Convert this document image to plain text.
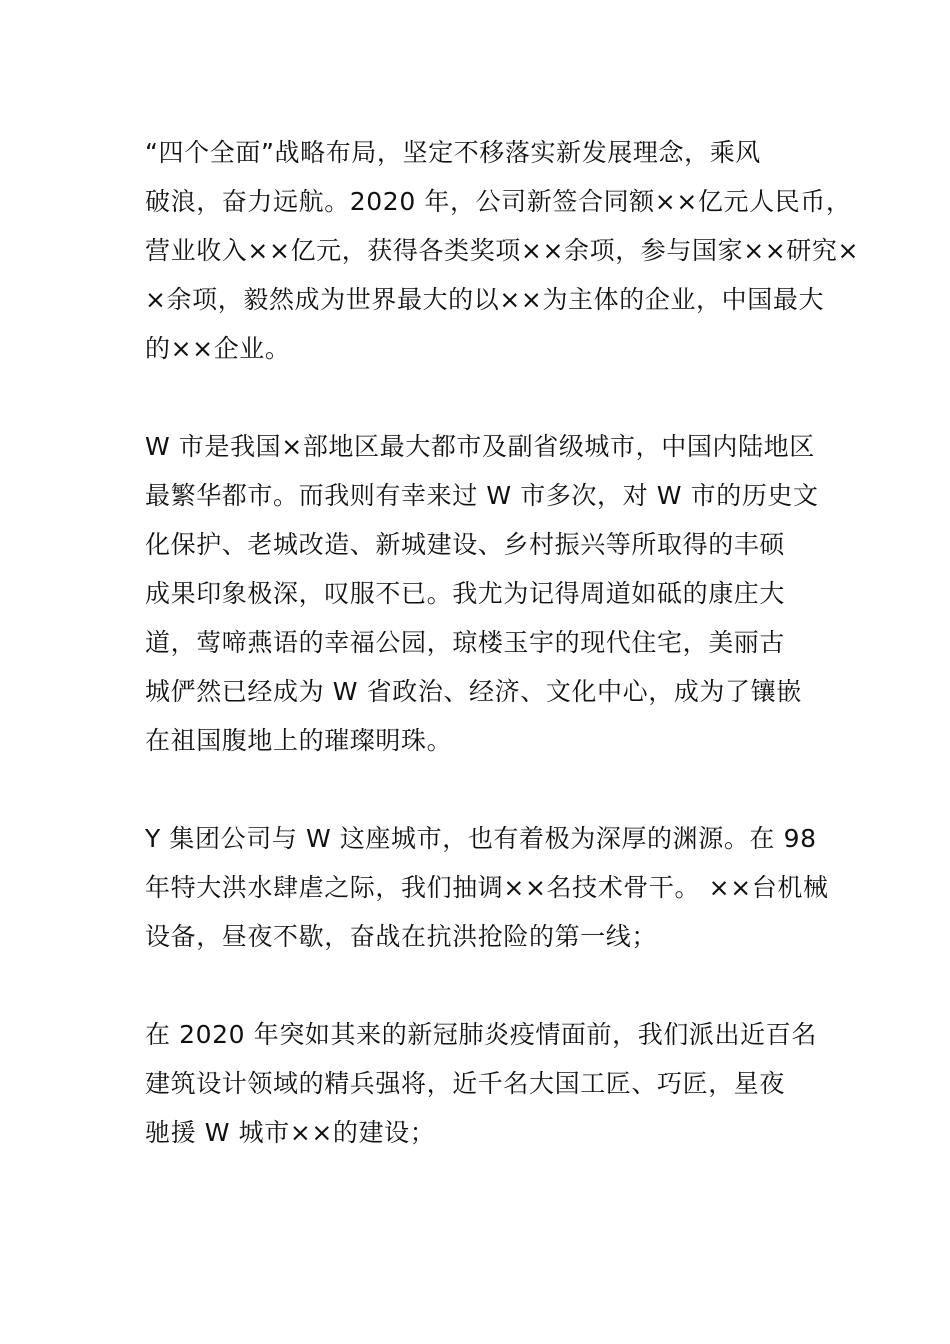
“四个全面”战略布局，坚定不移落实新发展理念，乘风
破浪，奋力远航。2020 年，公司新签合同额××亿元人民币，
营业收入××亿元，获得各类奖项××余项，参与国家××研究×
×余项，毅然成为世界最大的以××为主体的企业，中国最大
的××企业。
W 市是我国×部地区最大都市及副省级城市，中国内陆地区
最繁华都市。而我则有幸来过 W 市多次，对 W 市的历史文
化保护、老城改造、新城建设、乡村振兴等所取得的丰硕
成果印象极深，叹服不已。我尤为记得周道如砥的康庄大
道，莺啼燕语的幸福公园，琼楼玉宇的现代住宅，美丽古
城俨然已经成为 W 省政治、经济、文化中心，成为了镶嵌
在祖国腹地上的璀璨明珠。
Y 集团公司与 W 这座城市，也有着极为深厚的渊源。在 98
年特大洪水肆虐之际，我们抽调××名技术骨干。 ××台机械
设备，昼夜不歇，奋战在抗洪抢险的第一线；
在 2020 年突如其来的新冠肺炎疫情面前，我们派出近百名
建筑设计领域的精兵强将，近千名大国工匠、巧匠，星夜
驰援 W 城市××的建设；
